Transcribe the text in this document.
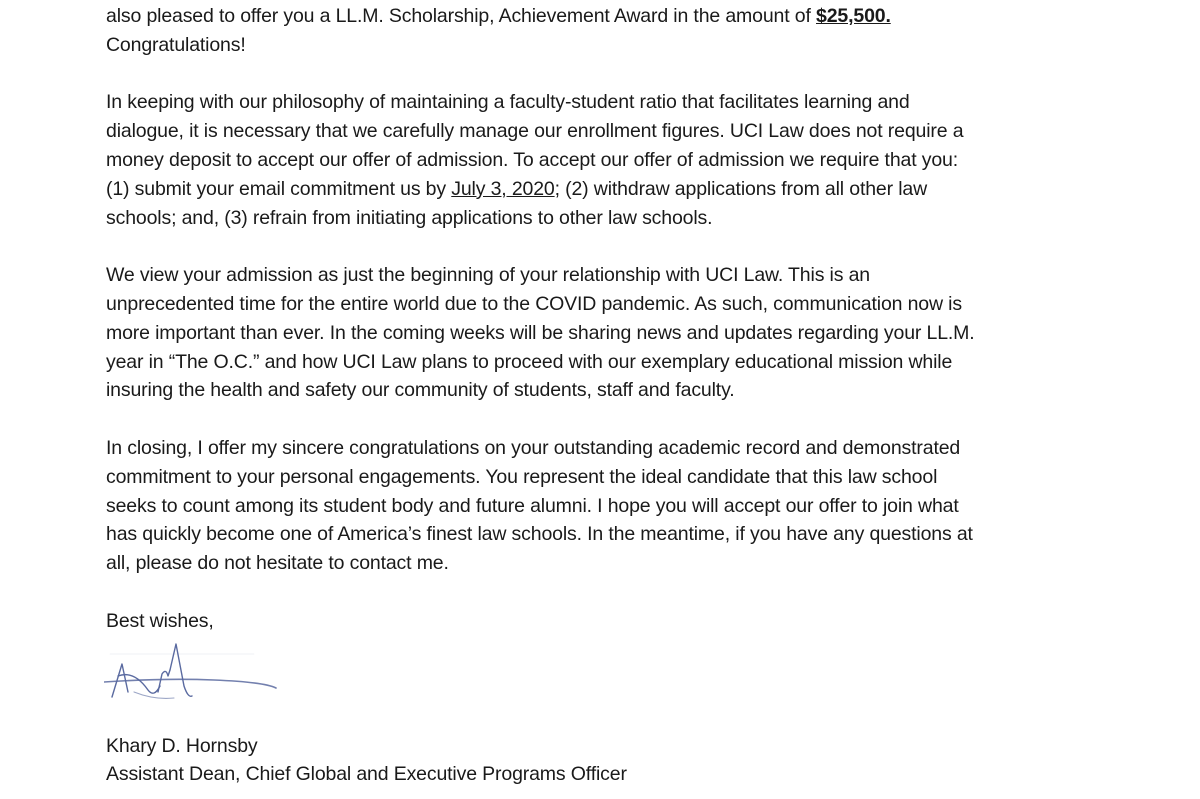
also pleased to offer you a LL.M. Scholarship, Achievement Award in the amount of $25,500.
Congratulations!
In keeping with our philosophy of maintaining a faculty-student ratio that facilitates learning and
dialogue, it is necessary that we carefully manage our enrollment figures. UCI Law does not require a
money deposit to accept our offer of admission. To accept our offer of admission we require that you:
(1) submit your email commitment us by July 3, 2020; (2) withdraw applications from all other law
schools; and, (3) refrain from initiating applications to other law schools.
We view your admission as just the beginning of your relationship with UCI Law. This is an
unprecedented time for the entire world due to the COVID pandemic. As such, communication now is
more important than ever. In the coming weeks will be sharing news and updates regarding your LL.M.
year in “The O.C.” and how UCI Law plans to proceed with our exemplary educational mission while
insuring the health and safety our community of students, staff and faculty.
In closing, I offer my sincere congratulations on your outstanding academic record and demonstrated
commitment to your personal engagements. You represent the ideal candidate that this law school
seeks to count among its student body and future alumni. I hope you will accept our offer to join what
has quickly become one of America’s finest law schools. In the meantime, if you have any questions at
all, please do not hesitate to contact me.
Best wishes,
Khary D. Hornsby
Assistant Dean, Chief Global and Executive Programs Officer
